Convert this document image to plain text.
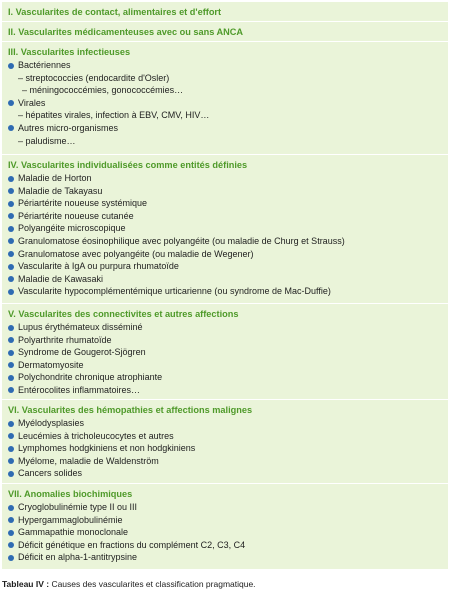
I. Vascularites de contact, alimentaires et d'effort
II. Vascularites médicamenteuses avec ou sans ANCA
III. Vascularites infectieuses
Bactériennes
– streptococcies (endocardite d'Osler)
– méningococcémies, gonococcémies…
Virales
– hépatites virales, infection à EBV, CMV, HIV…
Autres micro-organismes
– paludisme…
IV. Vascularites individualisées comme entités définies
Maladie de Horton
Maladie de Takayasu
Périartérite noueuse systémique
Périartérite noueuse cutanée
Polyangéite microscopique
Granulomatose éosinophilique avec polyangéite (ou maladie de Churg et Strauss)
Granulomatose avec polyangéite (ou maladie de Wegener)
Vascularite à IgA ou purpura rhumatoïde
Maladie de Kawasaki
Vascularite hypocomplémentémique urticarienne (ou syndrome de Mac-Duffie)
V. Vascularites des connectivites et autres affections
Lupus érythémateux disséminé
Polyarthrite rhumatoïde
Syndrome de Gougerot-Sjögren
Dermatomyosite
Polychondrite chronique atrophiante
Entérocolites inflammatoires…
VI. Vascularites des hémopathies et affections malignes
Myélodysplasies
Leucémies à tricholeucocytes et autres
Lymphomes hodgkiniens et non hodgkiniens
Myélome, maladie de Waldenström
Cancers solides
VII. Anomalies biochimiques
Cryoglobulinémie type II ou III
Hypergammaglobulinémie
Gammapathie monoclonale
Déficit génétique en fractions du complément C2, C3, C4
Déficit en alpha-1-antitrypsine
Tableau IV : Causes des vascularites et classification pragmatique.
